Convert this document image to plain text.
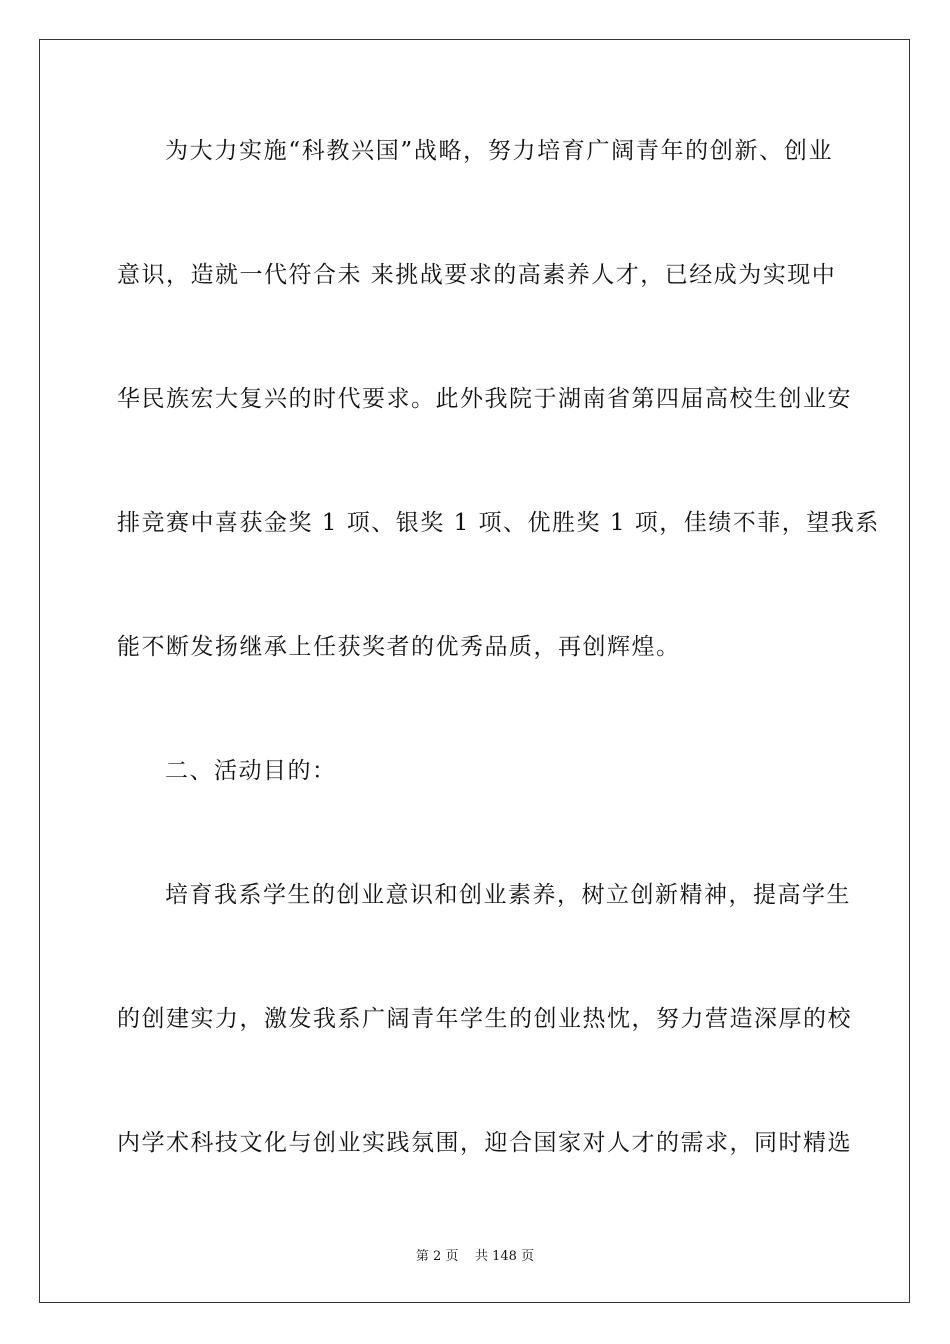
为大力实施“科教兴国”战略，努力培育广阔青年的创新、创业
意识，造就一代符合未 来挑战要求的高素养人才，已经成为实现中
华民族宏大复兴的时代要求。此外我院于湖南省第四届高校生创业安
排竞赛中喜获金奖 1 项、银奖 1 项、优胜奖 1 项，佳绩不菲，望我系
能不断发扬继承上任获奖者的优秀品质，再创辉煌。
二、活动目的：
培育我系学生的创业意识和创业素养，树立创新精神，提高学生
的创建实力，激发我系广阔青年学生的创业热忱，努力营造深厚的校
内学术科技文化与创业实践氛围，迎合国家对人才的需求，同时精选
第 2 页 共 148 页
